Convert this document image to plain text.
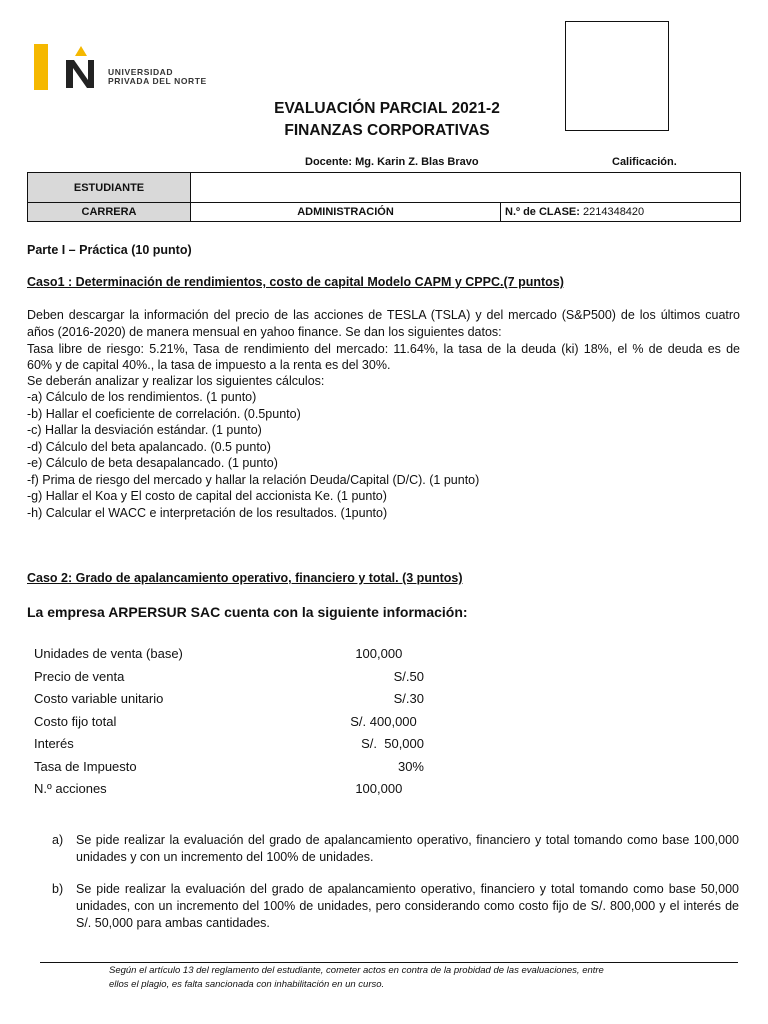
UNIVERSIDAD
PRIVADA DEL NORTE
EVALUACIÓN PARCIAL 2021-2
FINANZAS CORPORATIVAS
Docente: Mg. Karin Z. Blas Bravo	Calificación.
ESTUDIANTE		
CARRERA	ADMINISTRACIÓN	N.º de CLASE: 2214348420
Parte I – Práctica (10 punto)
Caso1 : Determinación de rendimientos, costo de capital Modelo CAPM y CPPC.(7 puntos)
Deben descargar la información del precio de las acciones de TESLA (TSLA) y del mercado (S&P500) de los últimos cuatro años (2016-2020) de manera mensual en yahoo finance. Se dan los siguientes datos:
Tasa libre de riesgo: 5.21%, Tasa de rendimiento del mercado: 11.64%, la tasa de la deuda (ki) 18%, el % de deuda es de
60% y de capital 40%., la tasa de impuesto a la renta es del 30%.
Se deberán analizar y realizar los siguientes cálculos:
-a) Cálculo de los rendimientos. (1 punto)
-b) Hallar el coeficiente de correlación. (0.5punto)
-c) Hallar la desviación estándar. (1 punto)
-d) Cálculo del beta apalancado. (0.5 punto)
-e) Cálculo de beta desapalancado. (1 punto)
-f) Prima de riesgo del mercado y hallar la relación Deuda/Capital (D/C). (1 punto)
-g) Hallar el Koa y El costo de capital del accionista Ke. (1 punto)
-h) Calcular el WACC e interpretación de los resultados. (1punto)
Caso 2: Grado de apalancamiento operativo, financiero y total. (3 puntos)
La empresa ARPERSUR SAC cuenta con la siguiente información:
Unidades de venta (base)	100,000
Precio de venta	S/.50
Costo variable unitario	S/.30
Costo fijo total	S/. 400,000
Interés	S/.  50,000
Tasa de Impuesto	30%
N.º acciones	100,000
a) Se pide realizar la evaluación del grado de apalancamiento operativo, financiero y total tomando como base 100,000 unidades y con un incremento del 100% de unidades.
b) Se pide realizar la evaluación del grado de apalancamiento operativo, financiero y total tomando como base 50,000 unidades, con un incremento del 100% de unidades, pero considerando como costo fijo de S/. 800,000 y el interés de S/. 50,000 para ambas cantidades.
Según el artículo 13 del reglamento del estudiante, cometer actos en contra de la probidad de las evaluaciones, entre
ellos el plagio, es falta sancionada con inhabilitación en un curso.
